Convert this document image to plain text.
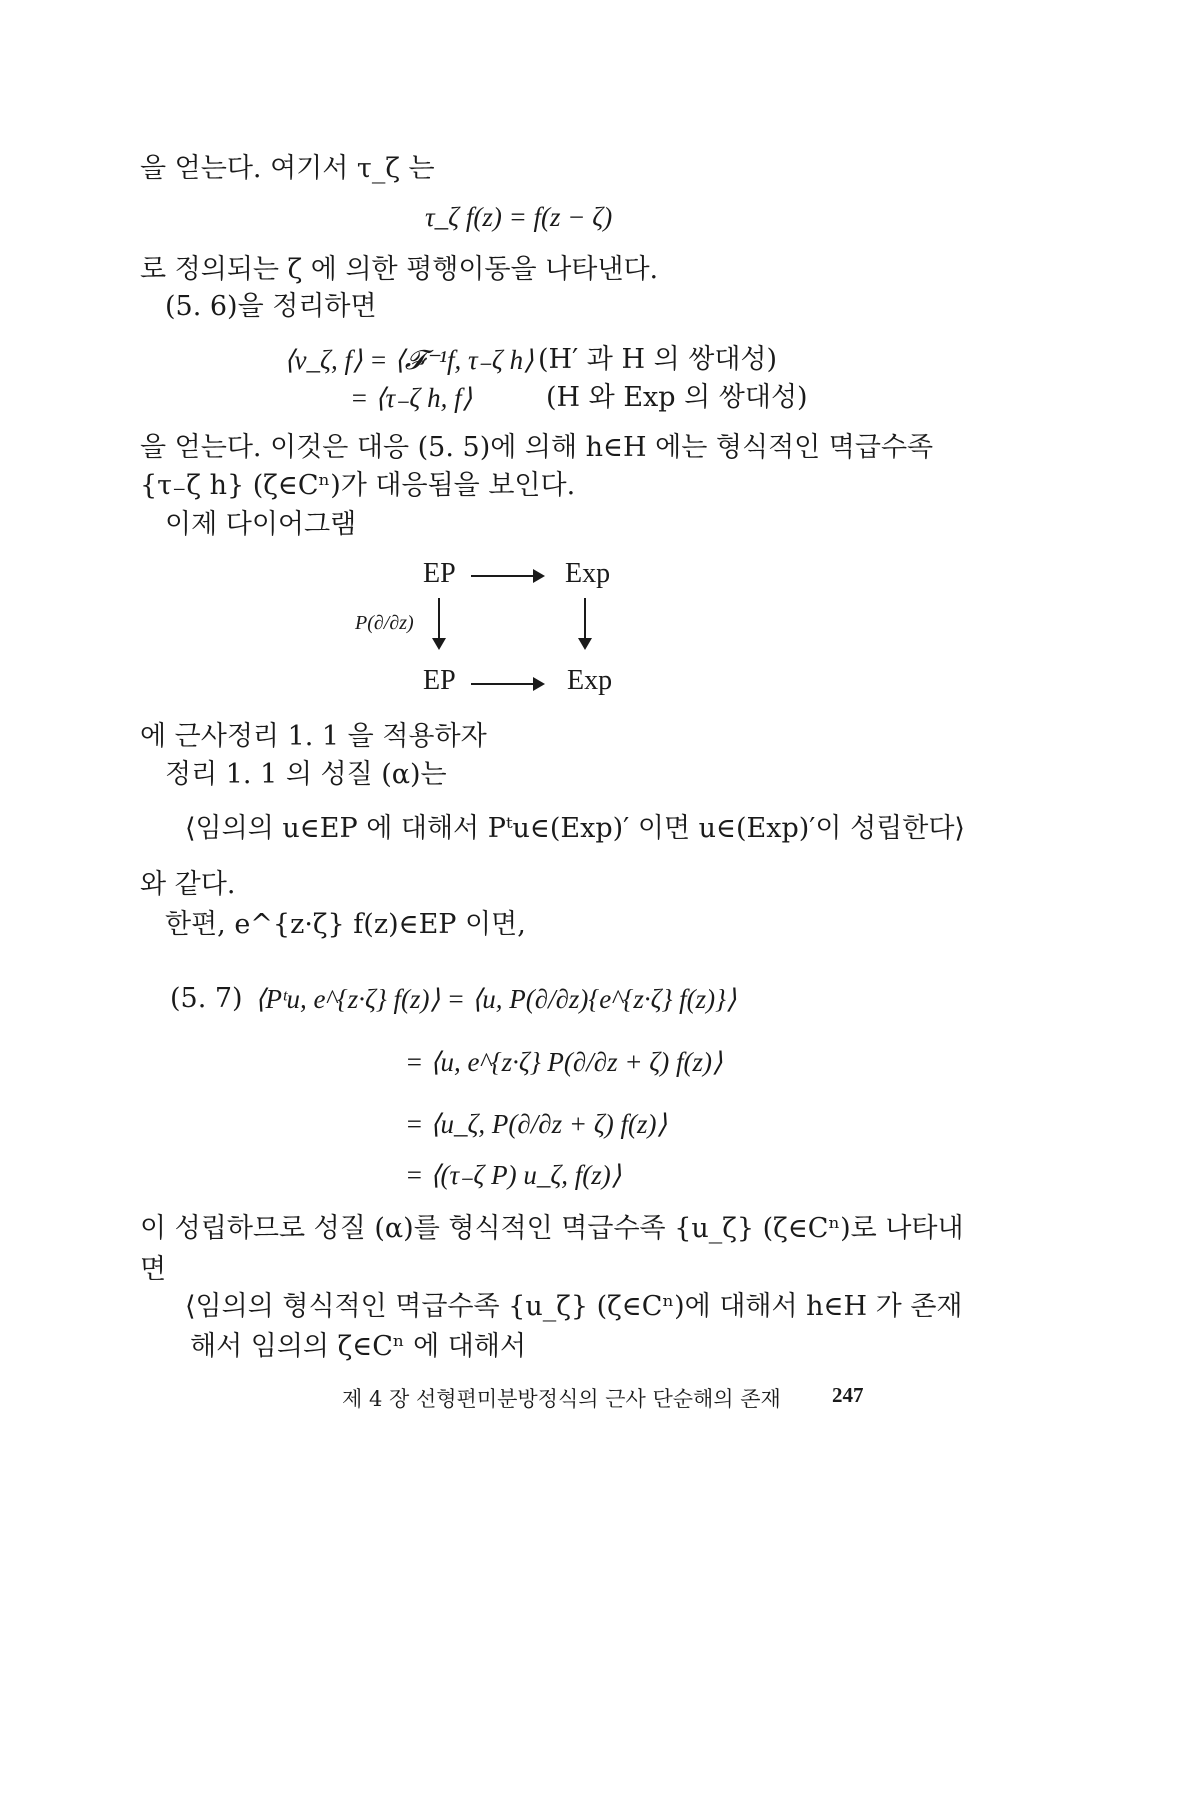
을 얻는다. 여기서 τ_ζ 는
τ_ζ f(z) = f(z − ζ)
로 정의되는 ζ 에 의한 평행이동을 나타낸다.
(5. 6)을 정리하면
⟨v_ζ, f⟩ = ⟨𝓕⁻¹f, τ₋ζ h⟩ (H′ 과 H 의 쌍대성)
= ⟨τ₋ζ h, f⟩	(H 와 Exp 의 쌍대성)
을 얻는다. 이것은 대응 (5. 5)에 의해 h∈H 에는 형식적인 멱급수족
{τ₋ζ h} (ζ∈Cⁿ)가 대응됨을 보인다.
이제 다이어그램
EP	Exp
P(∂/∂z)
EP	Exp
에 근사정리 1. 1 을 적용하자
정리 1. 1 의 성질 (α)는
⟨임의의 u∈EP 에 대해서 Pᵗu∈(Exp)′ 이면 u∈(Exp)′이 성립한다⟩
와 같다.
한편, e^{z·ζ} f(z)∈EP 이면,
(5. 7) ⟨Pᵗu, e^{z·ζ} f(z)⟩ = ⟨u, P(∂/∂z){e^{z·ζ} f(z)}⟩
= ⟨u, e^{z·ζ} P(∂/∂z + ζ) f(z)⟩
= ⟨u_ζ, P(∂/∂z + ζ) f(z)⟩
= ⟨(τ₋ζ P) u_ζ, f(z)⟩
이 성립하므로 성질 (α)를 형식적인 멱급수족 {u_ζ} (ζ∈Cⁿ)로 나타내
면
⟨임의의 형식적인 멱급수족 {u_ζ} (ζ∈Cⁿ)에 대해서 h∈H 가 존재
해서 임의의 ζ∈Cⁿ 에 대해서
제 4 장 선형편미분방정식의 근사 단순해의 존재 247
